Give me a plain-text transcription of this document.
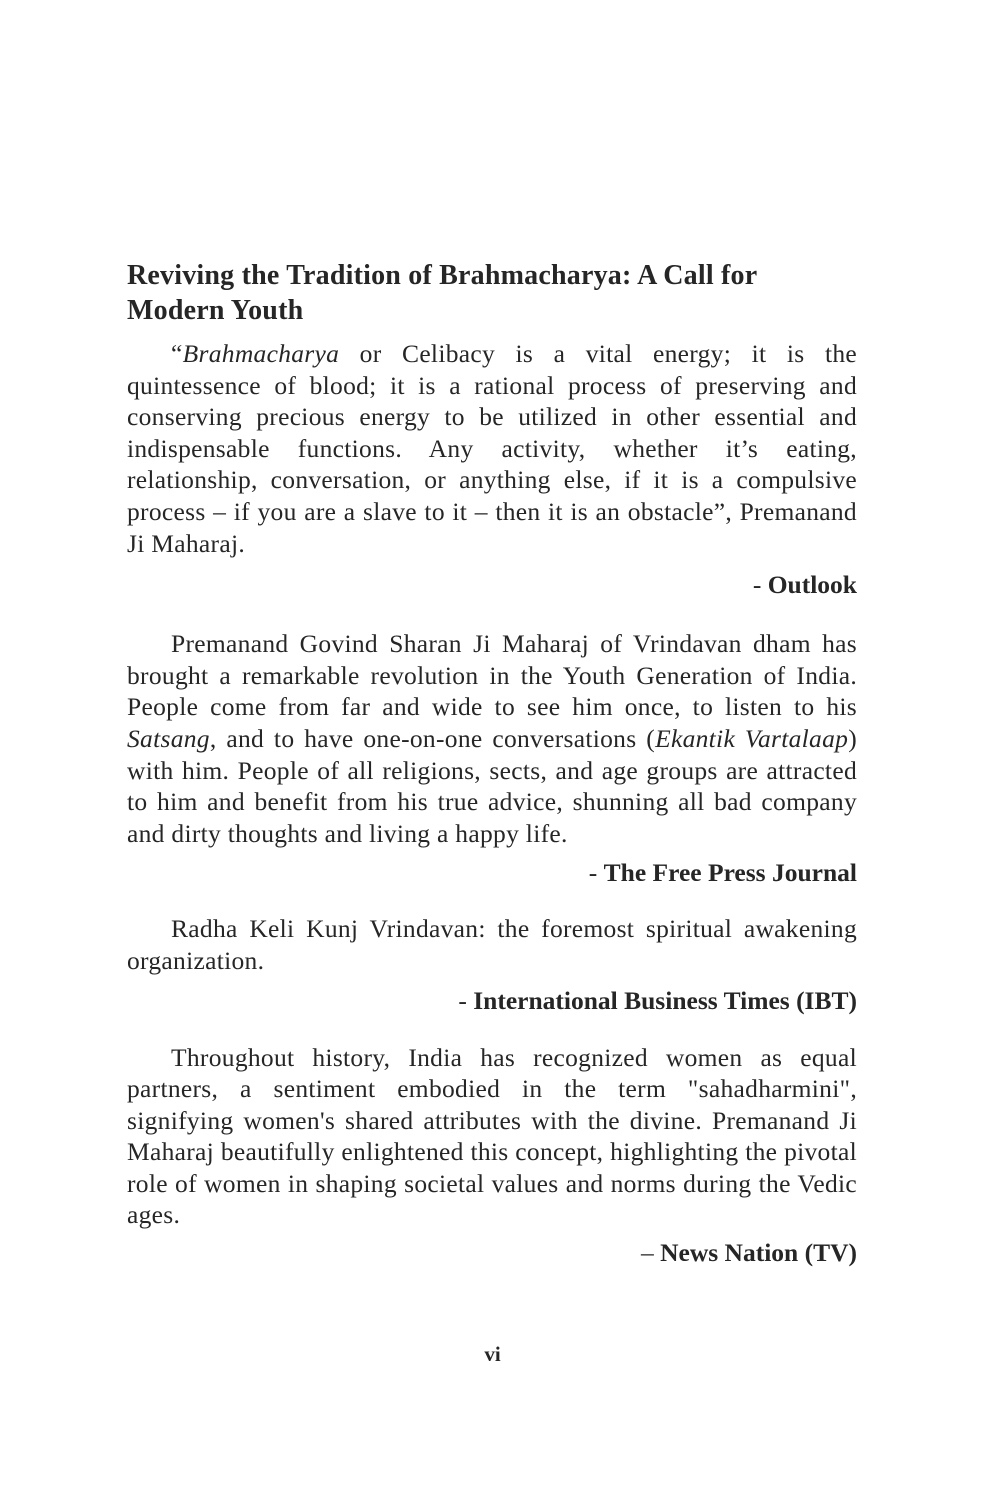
Reviving the Tradition of Brahmacharya: A Call for Modern Youth

“Brahmacharya or Celibacy is a vital energy; it is the quintessence of blood; it is a rational process of preserving and conserving precious energy to be utilized in other essential and indispensable functions. Any activity, whether it’s eating, relationship, conversation, or anything else, if it is a compulsive process – if you are a slave to it – then it is an obstacle”, Premanand Ji Maharaj.

- Outlook

Premanand Govind Sharan Ji Maharaj of Vrindavan dham has brought a remarkable revolution in the Youth Generation of India. People come from far and wide to see him once, to listen to his Satsang, and to have one-on-one conversations (Ekantik Vartalaap) with him. People of all religions, sects, and age groups are attracted to him and benefit from his true advice, shunning all bad company and dirty thoughts and living a happy life.

- The Free Press Journal

Radha Keli Kunj Vrindavan: the foremost spiritual awakening organization.

- International Business Times (IBT)

Throughout history, India has recognized women as equal partners, a sentiment embodied in the term "sahadharmini", signifying women's shared attributes with the divine. Premanand Ji Maharaj beautifully enlightened this concept, highlighting the pivotal role of women in shaping societal values and norms during the Vedic ages.

– News Nation (TV)

vi
